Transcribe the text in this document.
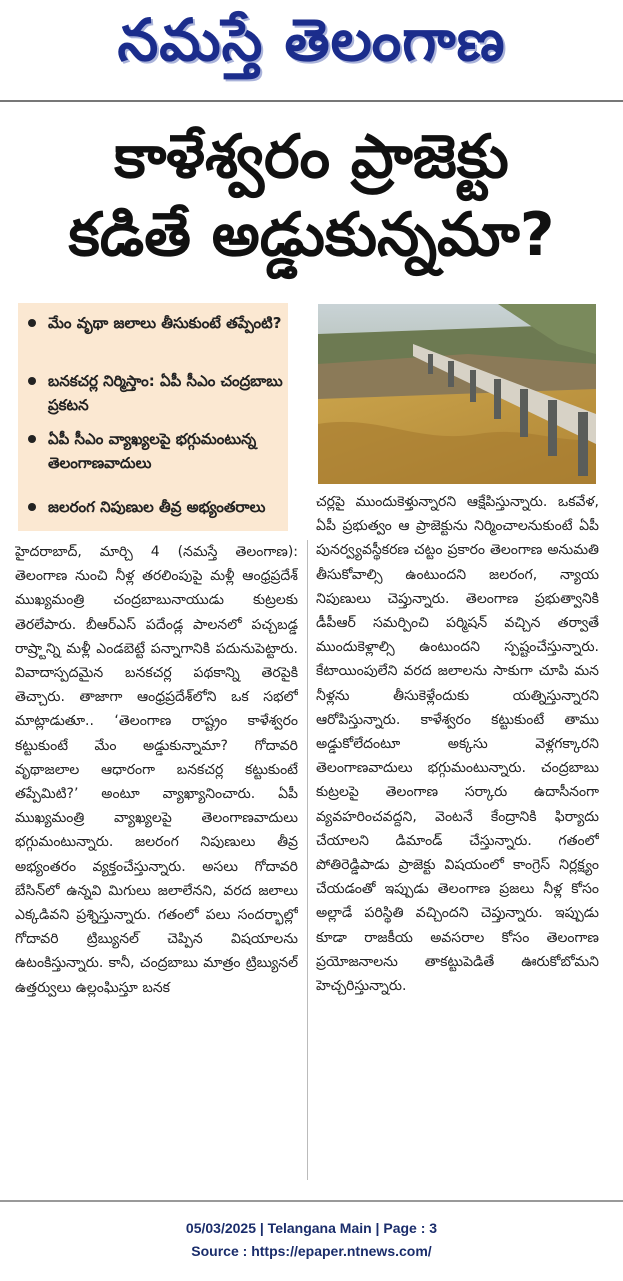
నమస్తే తెలంగాణ
కాళేశ్వరం ప్రాజెక్టు
కడితే అడ్డుకున్నమా?
మేం వృథా జలాలు తీసుకుంటే తప్పేంటి?
బనకచర్ల నిర్మిస్తాం: ఏపీ సీఎం చంద్రబాబు ప్రకటన
ఏపీ సీఎం వ్యాఖ్యలపై భగ్గుమంటున్న తెలంగాణవాదులు
జలరంగ నిపుణుల తీవ్ర అభ్యంతరాలు
హైదరాబాద్, మార్చి 4 (నమస్తే తెలంగాణ): తెలంగాణ నుంచి నీళ్ల తరలింపుపై మళ్లీ ఆంధ్రప్రదేశ్ ముఖ్యమంత్రి చంద్రబాబునాయుడు కుట్రలకు తెరలేపారు. బీఆర్ఎస్ పదేండ్ల పాలనలో పచ్చబడ్డ రాష్ర్టాన్ని మళ్లీ ఎండబెట్టే పన్నాగానికి పదునుపెట్టారు. వివాదాస్పదమైన బనకచర్ల పథకాన్ని తెరపైకి తెచ్చారు. తాజాగా ఆంధ్రప్రదేశ్‌లోని ఒక సభలో మాట్లాడుతూ.. ‘తెలంగాణ రాష్ట్రం కాళేశ్వరం కట్టుకుంటే మేం అడ్డుకున్నామా? గోదావరి వృథాజలాల ఆధారంగా బనకచర్ల కట్టుకుంటే తప్పేమిటి?’ అంటూ వ్యాఖ్యానించారు. ఏపీ ముఖ్యమంత్రి వ్యాఖ్యలపై తెలంగాణవాదులు భగ్గుమంటున్నారు. జలరంగ నిపుణులు తీవ్ర అభ్యంతరం వ్యక్తంచేస్తున్నారు. అసలు గోదావరి బేసిన్‌లో ఉన్నవి మిగులు జలాలేనని, వరద జలాలు ఎక్కడివని ప్రశ్నిస్తున్నారు. గతంలో పలు సందర్భాల్లో గోదావరి ట్రిబ్యునల్ చెప్పిన విషయాలను ఉటంకిస్తున్నారు. కానీ, చంద్రబాబు మాత్రం ట్రిబ్యునల్ ఉత్తర్వులు ఉల్లంఘిస్తూ బనక
చర్లపై ముందుకెళ్తున్నారని ఆక్షేపిస్తున్నారు. ఒకవేళ, ఏపీ ప్రభుత్వం ఆ ప్రాజెక్టును నిర్మించాలనుకుంటే ఏపీ పునర్వ్యవస్థీకరణ చట్టం ప్రకారం తెలంగాణ అనుమతి తీసుకోవాల్సి ఉంటుందని జలరంగ, న్యాయ నిపుణులు చెప్తున్నారు. తెలంగాణ ప్రభుత్వానికి డీపీఆర్ సమర్పించి పర్మిషన్ వచ్చిన తర్వాతే ముందుకెళ్లాల్సి ఉంటుందని స్పష్టంచేస్తున్నారు. కేటాయింపులేని వరద జలాలను సాకుగా చూపి మన నీళ్లను తీసుకెళ్లేందుకు యత్నిస్తున్నారని ఆరోపిస్తున్నారు. కాళేశ్వరం కట్టుకుంటే తాము అడ్డుకోలేదంటూ అక్కసు వెళ్లగక్కారని తెలంగాణవాదులు భగ్గుమంటున్నారు. చంద్రబాబు కుట్రలపై తెలంగాణ సర్కారు ఉదాసీనంగా వ్యవహరించవద్దని, వెంటనే కేంద్రానికి ఫిర్యాదు చేయాలని డిమాండ్ చేస్తున్నారు. గతంలో పోతిరెడ్డిపాడు ప్రాజెక్టు విషయంలో కాంగ్రెస్ నిర్లక్ష్యం చేయడంతో ఇప్పుడు తెలంగాణ ప్రజలు నీళ్ల కోసం అల్లాడే పరిస్థితి వచ్చిందని చెప్తున్నారు. ఇప్పుడు కూడా రాజకీయ అవసరాల కోసం తెలంగాణ ప్రయోజనాలను తాకట్టుపెడితే ఊరుకోబోమని హెచ్చరిస్తున్నారు.
05/03/2025 | Telangana Main | Page : 3
Source : https://epaper.ntnews.com/
